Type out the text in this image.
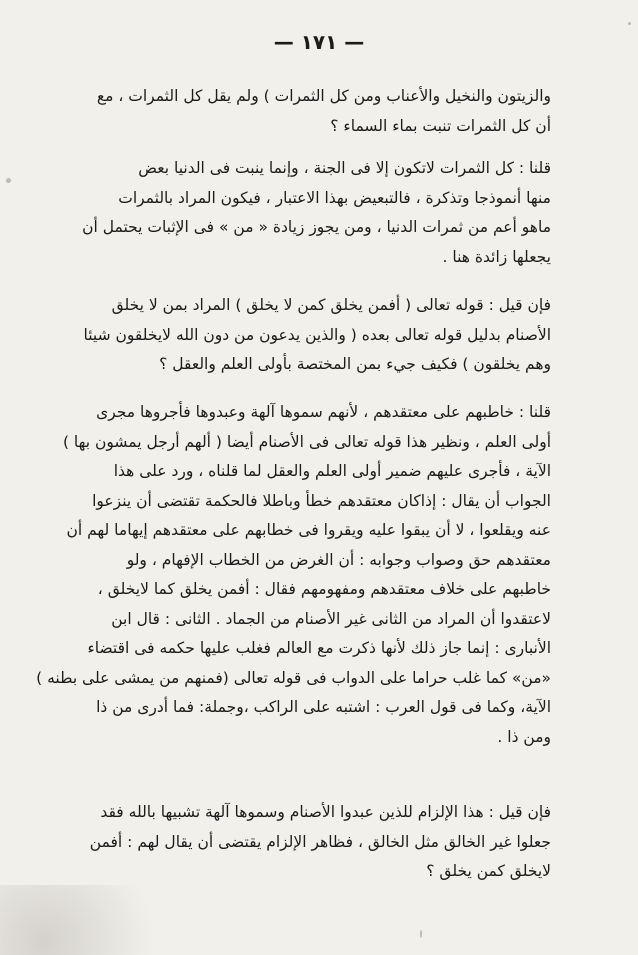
— ١٧١ —

والزيتون والنخيل والأعناب ومن كل الثمرات ) ولم يقل كل الثمرات ، مع
أن كل الثمرات تنبت بماء السماء ؟

قلنا : كل الثمرات لاتكون إلا فى الجنة ، وإنما ينبت فى الدنيا بعض
منها أنموذجا وتذكرة ، فالتبعيض بهذا الاعتبار ، فيكون المراد بالثمرات
ماهو أعم من ثمرات الدنيا ، ومن يجوز زيادة « من » فى الإثبات يحتمل أن
يجعلها زائدة هنا .

فإن قيل : قوله تعالى ( أفمن يخلق كمن لا يخلق ) المراد بمن لا يخلق
الأصنام بدليل قوله تعالى بعده ( والذين يدعون من دون الله لايخلقون شيئا
وهم يخلقون ) فكيف جيء بمن المختصة بأولى العلم والعقل ؟

قلنا : خاطبهم على معتقدهم ، لأنهم سموها آلهة وعبدوها فأجروها مجرى
أولى العلم ، ونظير هذا قوله تعالى فى الأصنام أيضا ( ألهم أرجل يمشون بها )
الآية ، فأجرى عليهم ضمير أولى العلم والعقل لما قلناه ، ورد على هذا
الجواب أن يقال : إذاكان معتقدهم خطأ وباطلا فالحكمة تقتضى أن ينزعوا
عنه ويقلعوا ، لا أن يبقوا عليه ويقروا فى خطابهم على معتقدهم إيهاما لهم أن
معتقدهم حق وصواب وجوابه : أن الغرض من الخطاب الإفهام ، ولو
خاطبهم على خلاف معتقدهم ومفهومهم فقال : أفمن يخلق كما لايخلق ،
لاعتقدوا أن المراد من الثانى غير الأصنام من الجماد . الثانى : قال ابن
الأنبارى : إنما جاز ذلك لأنها ذكرت مع العالم فغلب عليها حكمه فى اقتضاء
«من» كما غلب حراما على الدواب فى قوله تعالى (فمنهم من يمشى على بطنه )
الآية، وكما فى قول العرب : اشتبه على الراكب ،وجملة: فما أدرى من ذا
ومن ذا .

فإن قيل : هذا الإلزام للذين عبدوا الأصنام وسموها آلهة تشبيها بالله فقد
جعلوا غير الخالق مثل الخالق ، فظاهر الإلزام يقتضى أن يقال لهم : أفمن
لايخلق كمن يخلق ؟
